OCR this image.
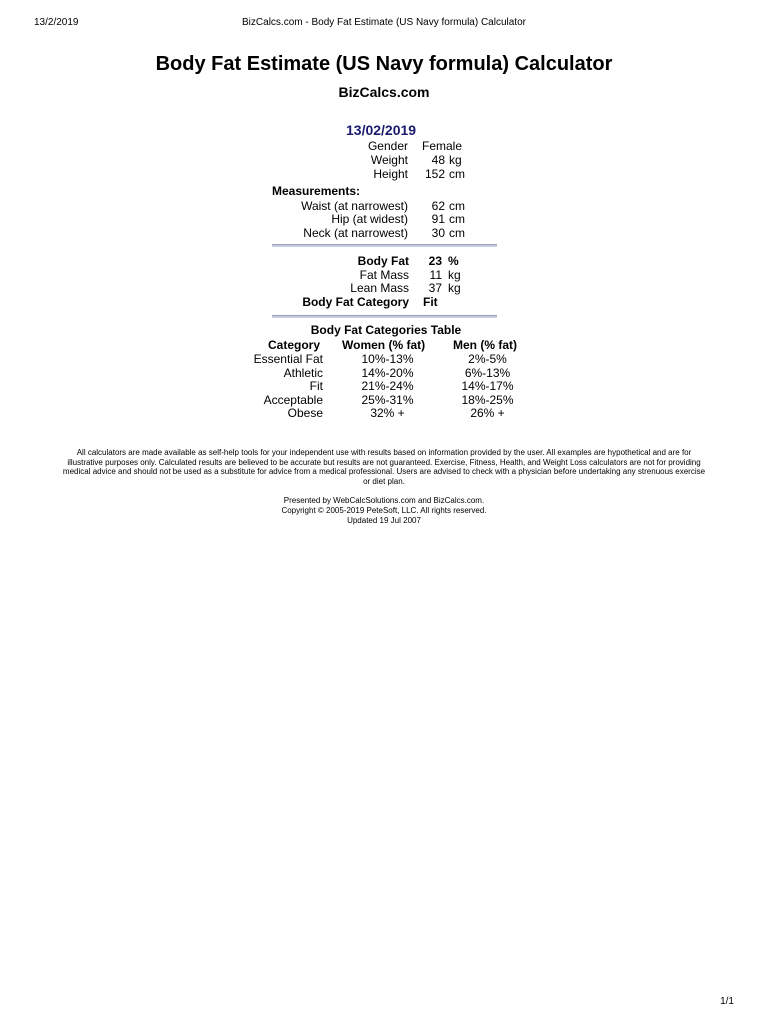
13/2/2019	BizCalcs.com - Body Fat Estimate (US Navy formula) Calculator
Body Fat Estimate (US Navy formula) Calculator
BizCalcs.com
13/02/2019
Gender Female
Weight 48 kg
Height 152 cm
Measurements:
Waist (at narrowest) 62 cm
Hip (at widest) 91 cm
Neck (at narrowest) 30 cm
Body Fat 23 %
Fat Mass 11 kg
Lean Mass 37 kg
Body Fat Category Fit
Body Fat Categories Table
Category Women (% fat) Men (% fat)
Essential Fat	10%-13%	2%-5%
Athletic	14%-20%	6%-13%
Fit	21%-24%	14%-17%
Acceptable	25%-31%	18%-25%
Obese	32% +	26% +
All calculators are made available as self-help tools for your independent use with results based on information provided by the user. All examples are hypothetical and are for illustrative purposes only. Calculated results are believed to be accurate but results are not guaranteed. Exercise, Fitness, Health, and Weight Loss calculators are not for providing medical advice and should not be used as a substitute for advice from a medical professional. Users are advised to check with a physician before undertaking any strenuous exercise or diet plan.
Presented by WebCalcSolutions.com and BizCalcs.com.
Copyright © 2005-2019 PeteSoft, LLC. All rights reserved.
Updated 19 Jul 2007
1/1
